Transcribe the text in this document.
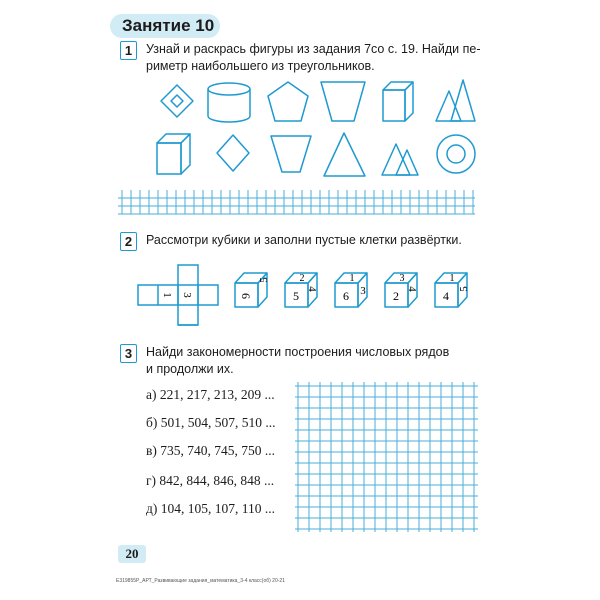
Занятие 10
1	Узнай и раскрась фигуры из задания 7со с. 19. Найди пе-
риметр наибольшего из треугольников.
1 3	6
5
5
2
4 6
1
3 2
3
4 4
1
5
2	Рассмотри кубики и заполни пустые клетки развёртки.
3	Найди закономерности построения числовых рядов
и продолжи их.
а) 221, 217, 213, 209 ...
б) 501, 504, 507, 510 ...
в) 735, 740, 745, 750 ...
г) 842, 844, 846, 848 ...
д) 104, 105, 107, 110 ...
20
Е319855Р_АРТ_Развивающие задания_математика_3-4 класс(об) 20-21
